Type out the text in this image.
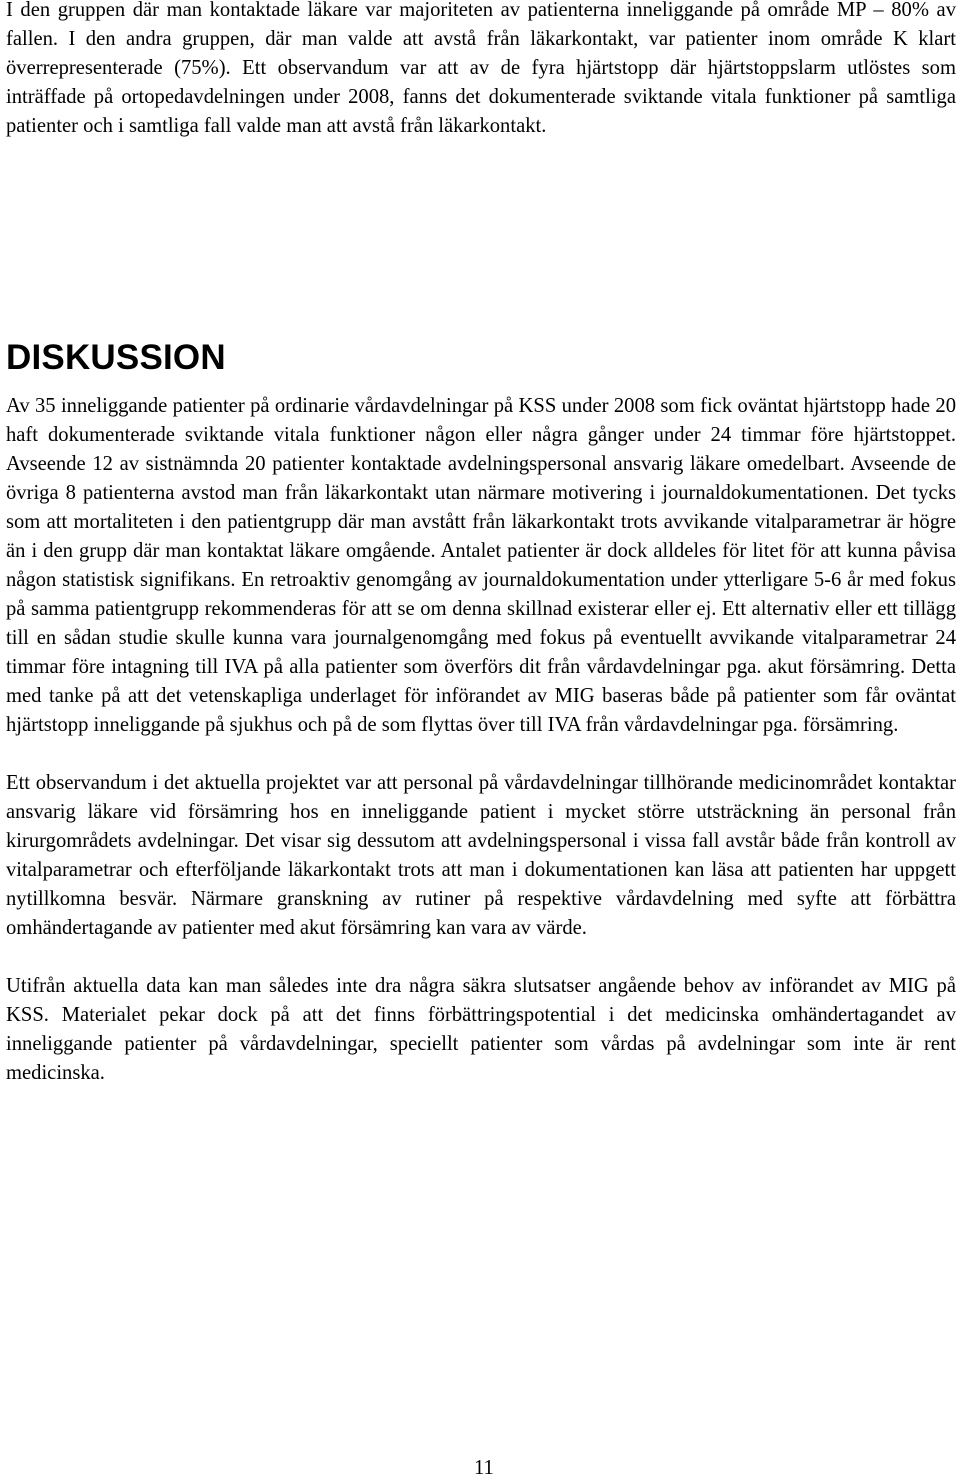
I den gruppen där man kontaktade läkare var majoriteten av patienterna inneliggande på område MP – 80% av fallen. I den andra gruppen, där man valde att avstå från läkarkontakt, var patienter inom område K klart överrepresenterade (75%). Ett observandum var att av de fyra hjärtstopp där hjärtstoppslarm utlöstes som inträffade på ortopedavdelningen under 2008, fanns det dokumenterade sviktande vitala funktioner på samtliga patienter och i samtliga fall valde man att avstå från läkarkontakt.

DISKUSSION

Av 35 inneliggande patienter på ordinarie vårdavdelningar på KSS under 2008 som fick oväntat hjärtstopp hade 20 haft dokumenterade sviktande vitala funktioner någon eller några gånger under 24 timmar före hjärtstoppet. Avseende 12 av sistnämnda 20 patienter kontaktade avdelningspersonal ansvarig läkare omedelbart. Avseende de övriga 8 patienterna avstod man från läkarkontakt utan närmare motivering i journaldokumentationen. Det tycks som att mortaliteten i den patientgrupp där man avstått från läkarkontakt trots avvikande vitalparametrar är högre än i den grupp där man kontaktat läkare omgående. Antalet patienter är dock alldeles för litet för att kunna påvisa någon statistisk signifikans. En retroaktiv genomgång av journaldokumentation under ytterligare 5-6 år med fokus på samma patientgrupp rekommenderas för att se om denna skillnad existerar eller ej. Ett alternativ eller ett tillägg till en sådan studie skulle kunna vara journalgenomgång med fokus på eventuellt avvikande vitalparametrar 24 timmar före intagning till IVA på alla patienter som överförs dit från vårdavdelningar pga. akut försämring. Detta med tanke på att det vetenskapliga underlaget för införandet av MIG baseras både på patienter som får oväntat hjärtstopp inneliggande på sjukhus och på de som flyttas över till IVA från vårdavdelningar pga. försämring.

Ett observandum i det aktuella projektet var att personal på vårdavdelningar tillhörande medicinområdet kontaktar ansvarig läkare vid försämring hos en inneliggande patient i mycket större utsträckning än personal från kirurgområdets avdelningar. Det visar sig dessutom att avdelningspersonal i vissa fall avstår både från kontroll av vitalparametrar och efterföljande läkarkontakt trots att man i dokumentationen kan läsa att patienten har uppgett nytillkomna besvär. Närmare granskning av rutiner på respektive vårdavdelning med syfte att förbättra omhändertagande av patienter med akut försämring kan vara av värde.

Utifrån aktuella data kan man således inte dra några säkra slutsatser angående behov av införandet av MIG på KSS. Materialet pekar dock på att det finns förbättringspotential i det medicinska omhändertagandet av inneliggande patienter på vårdavdelningar, speciellt patienter som vårdas på avdelningar som inte är rent medicinska.

11
